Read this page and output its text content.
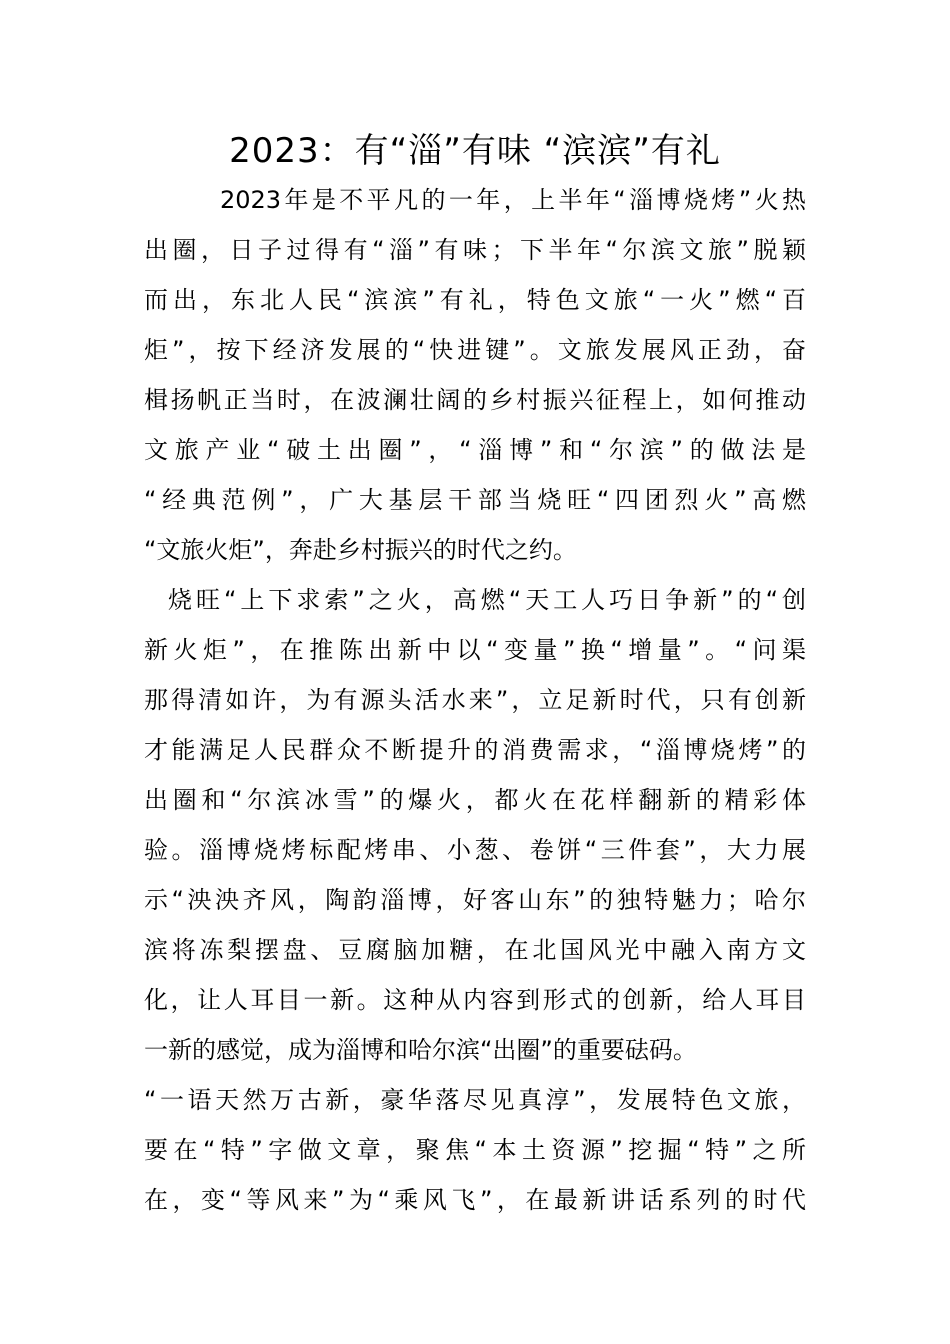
2023：有“淄”有味 “滨滨”有礼
2023年是不平凡的一年，上半年“淄博烧烤”火热
出圈，日子过得有“淄”有味；下半年“尔滨文旅”脱颖
而出，东北人民“滨滨”有礼，特色文旅“一火”燃“百
炬”，按下经济发展的“快进键”。文旅发展风正劲，奋
楫扬帆正当时，在波澜壮阔的乡村振兴征程上，如何推动
文旅产业“破土出圈”，“淄博”和“尔滨”的做法是
“经典范例”，广大基层干部当烧旺“四团烈火”高燃
“文旅火炬”，奔赴乡村振兴的时代之约。
烧旺“上下求索”之火，高燃“天工人巧日争新”的“创
新火炬”，在推陈出新中以“变量”换“增量”。“问渠
那得清如许，为有源头活水来”，立足新时代，只有创新
才能满足人民群众不断提升的消费需求，“淄博烧烤”的
出圈和“尔滨冰雪”的爆火，都火在花样翻新的精彩体
验。淄博烧烤标配烤串、小葱、卷饼“三件套”，大力展
示“泱泱齐风，陶韵淄博，好客山东”的独特魅力；哈尔
滨将冻梨摆盘、豆腐脑加糖，在北国风光中融入南方文
化，让人耳目一新。这种从内容到形式的创新，给人耳目
一新的感觉，成为淄博和哈尔滨“出圈”的重要砝码。
“一语天然万古新，豪华落尽见真淳”，发展特色文旅，
要在“特”字做文章，聚焦“本土资源”挖掘“特”之所
在，变“等风来”为“乘风飞”，在最新讲话系列的时代
